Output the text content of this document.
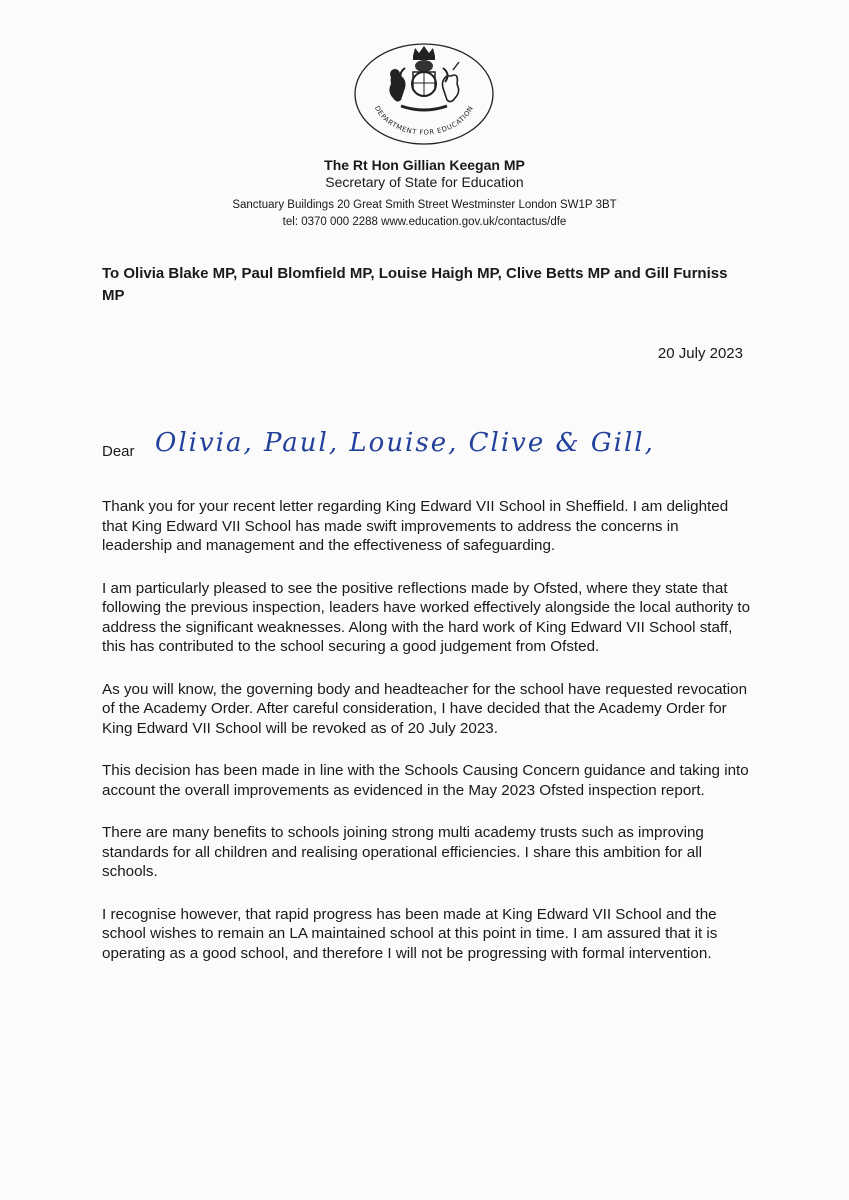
DEPARTMENT FOR EDUCATION
The Rt Hon Gillian Keegan MP
Secretary of State for Education
Sanctuary Buildings 20 Great Smith Street Westminster London SW1P 3BT
tel: 0370 000 2288 www.education.gov.uk/contactus/dfe
To Olivia Blake MP, Paul Blomfield MP, Louise Haigh MP, Clive Betts MP and Gill Furniss MP
20 July 2023
Dear Olivia, Paul, Louise, Clive & Gill,

Thank you for your recent letter regarding King Edward VII School in Sheffield. I am delighted that King Edward VII School has made swift improvements to address the concerns in leadership and management and the effectiveness of safeguarding.

I am particularly pleased to see the positive reflections made by Ofsted, where they state that following the previous inspection, leaders have worked effectively alongside the local authority to address the significant weaknesses. Along with the hard work of King Edward VII School staff, this has contributed to the school securing a good judgement from Ofsted.

As you will know, the governing body and headteacher for the school have requested revocation of the Academy Order. After careful consideration, I have decided that the Academy Order for King Edward VII School will be revoked as of 20 July 2023.

This decision has been made in line with the Schools Causing Concern guidance and taking into account the overall improvements as evidenced in the May 2023 Ofsted inspection report.

There are many benefits to schools joining strong multi academy trusts such as improving standards for all children and realising operational efficiencies. I share this ambition for all schools.

I recognise however, that rapid progress has been made at King Edward VII School and the school wishes to remain an LA maintained school at this point in time. I am assured that it is operating as a good school, and therefore I will not be progressing with formal intervention.
